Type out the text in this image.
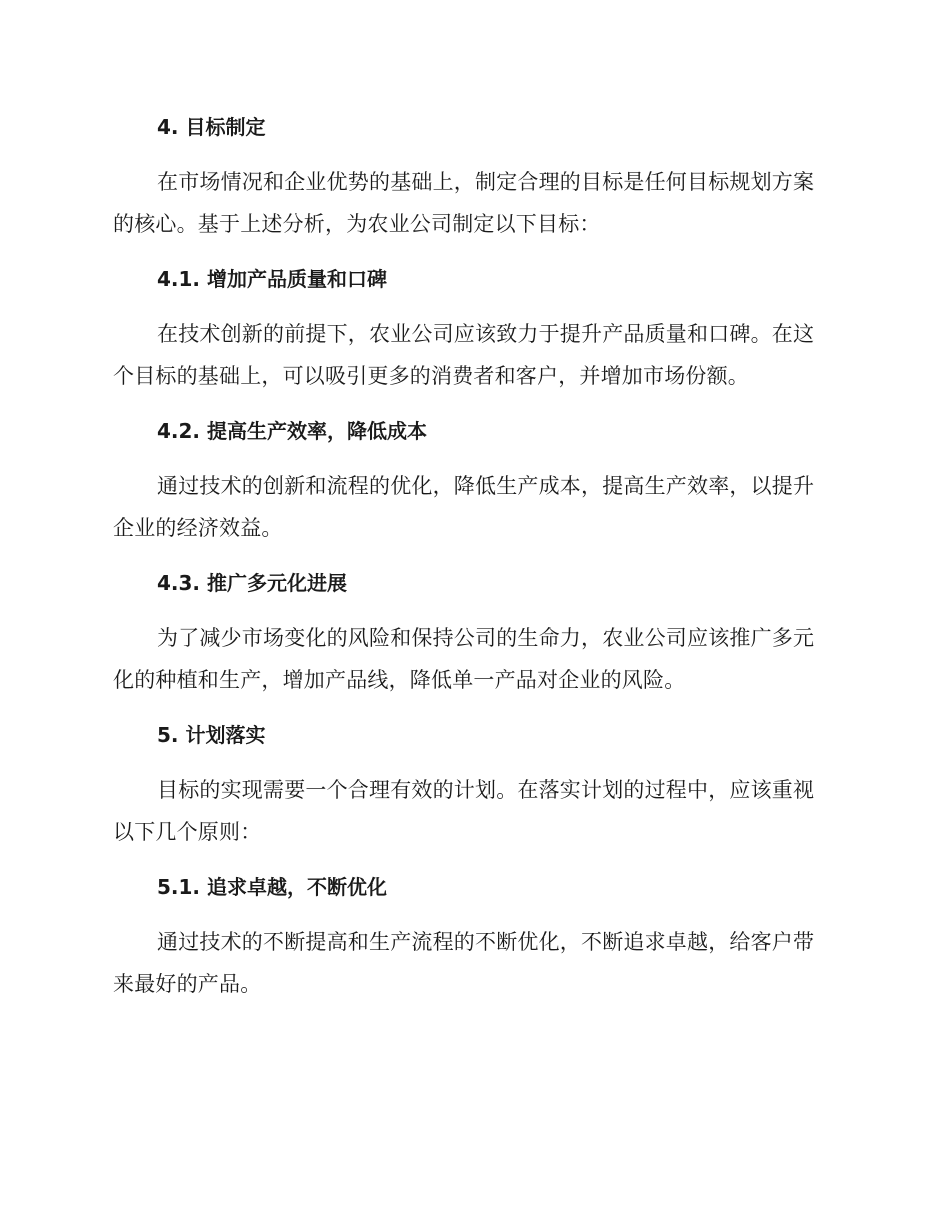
4. 目标制定

在市场情况和企业优势的基础上，制定合理的目标是任何目标规划方案的核心。基于上述分析，为农业公司制定以下目标：

4.1. 增加产品质量和口碑

在技术创新的前提下，农业公司应该致力于提升产品质量和口碑。在这个目标的基础上，可以吸引更多的消费者和客户，并增加市场份额。

4.2. 提高生产效率，降低成本

通过技术的创新和流程的优化，降低生产成本，提高生产效率，以提升企业的经济效益。

4.3. 推广多元化进展

为了减少市场变化的风险和保持公司的生命力，农业公司应该推广多元化的种植和生产，增加产品线，降低单一产品对企业的风险。

5. 计划落实

目标的实现需要一个合理有效的计划。在落实计划的过程中，应该重视以下几个原则：

5.1. 追求卓越，不断优化

通过技术的不断提高和生产流程的不断优化，不断追求卓越，给客户带来最好的产品。
